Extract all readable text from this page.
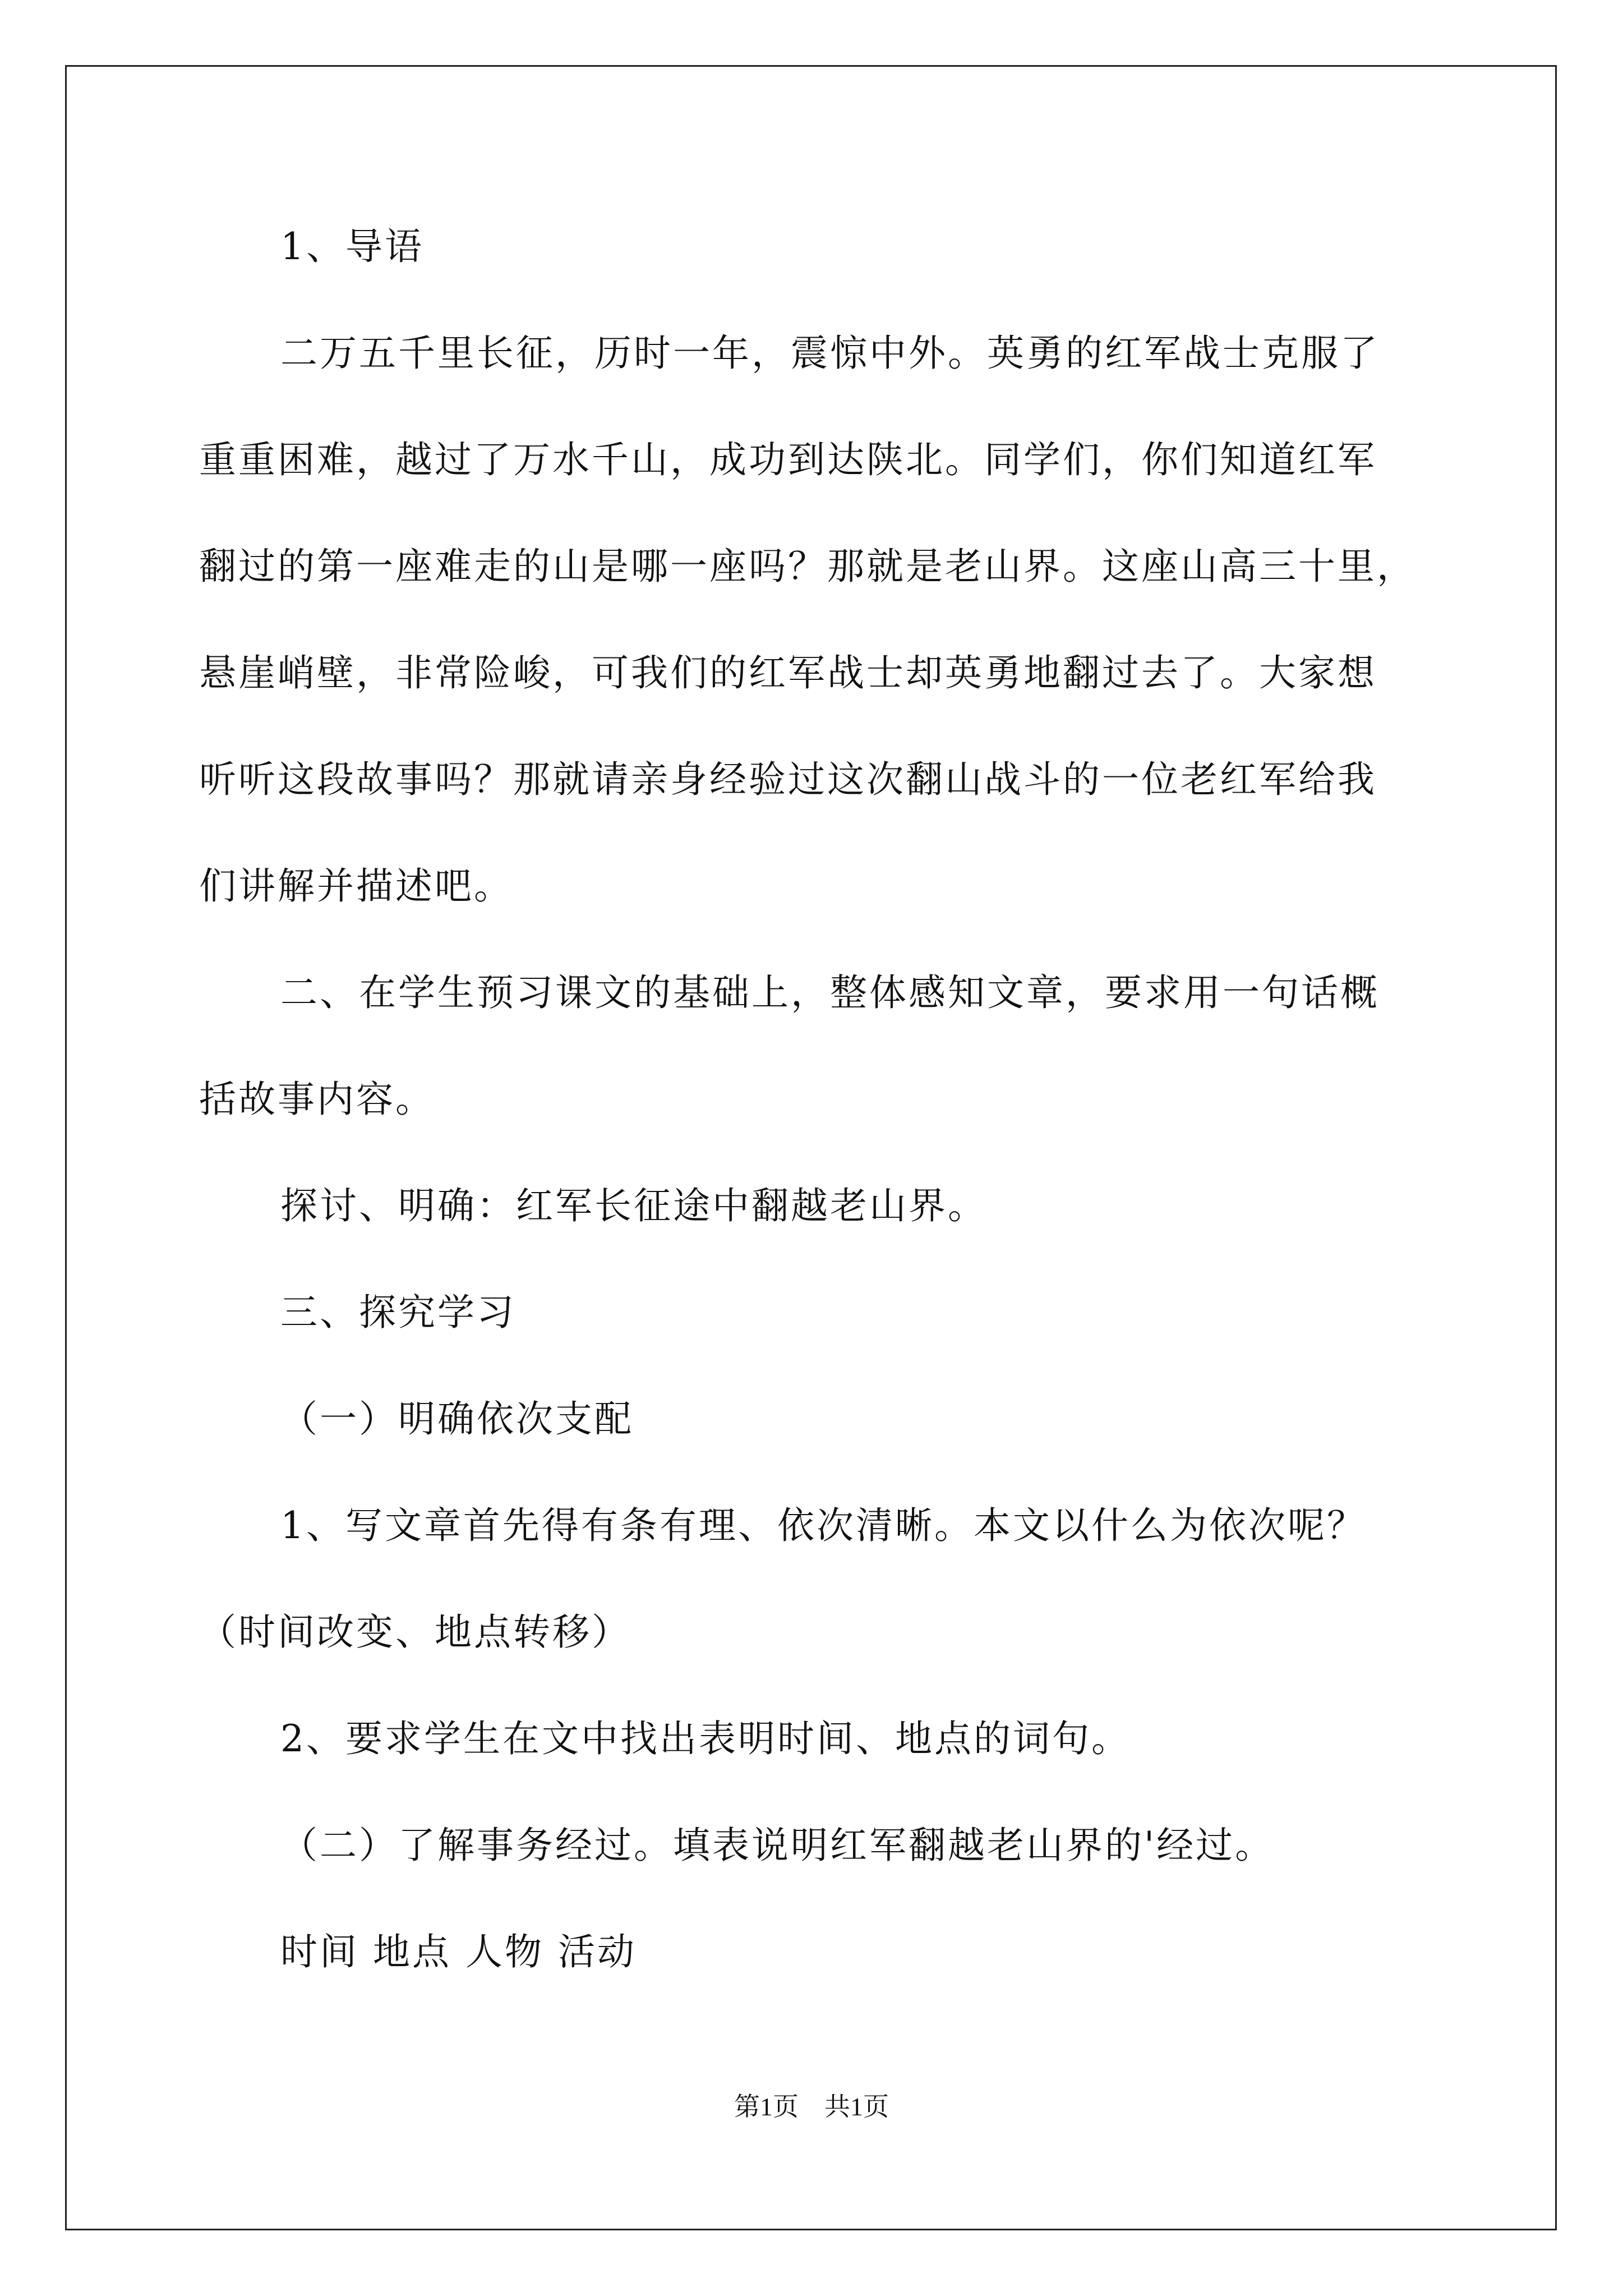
1、导语
二万五千里长征，历时一年，震惊中外。英勇的红军战士克服了
重重困难，越过了万水千山，成功到达陕北。同学们，你们知道红军
翻过的第一座难走的山是哪一座吗？那就是老山界。这座山高三十里，
悬崖峭壁，非常险峻，可我们的红军战士却英勇地翻过去了。大家想
听听这段故事吗？那就请亲身经验过这次翻山战斗的一位老红军给我
们讲解并描述吧。
二、在学生预习课文的基础上，整体感知文章，要求用一句话概
括故事内容。
探讨、明确：红军长征途中翻越老山界。
三、探究学习
（一）明确依次支配
1、写文章首先得有条有理、依次清晰。本文以什么为依次呢？
（时间改变、地点转移）
2、要求学生在文中找出表明时间、地点的词句。
（二）了解事务经过。填表说明红军翻越老山界的'经过。
时间 地点 人物 活动
第1页　共1页
